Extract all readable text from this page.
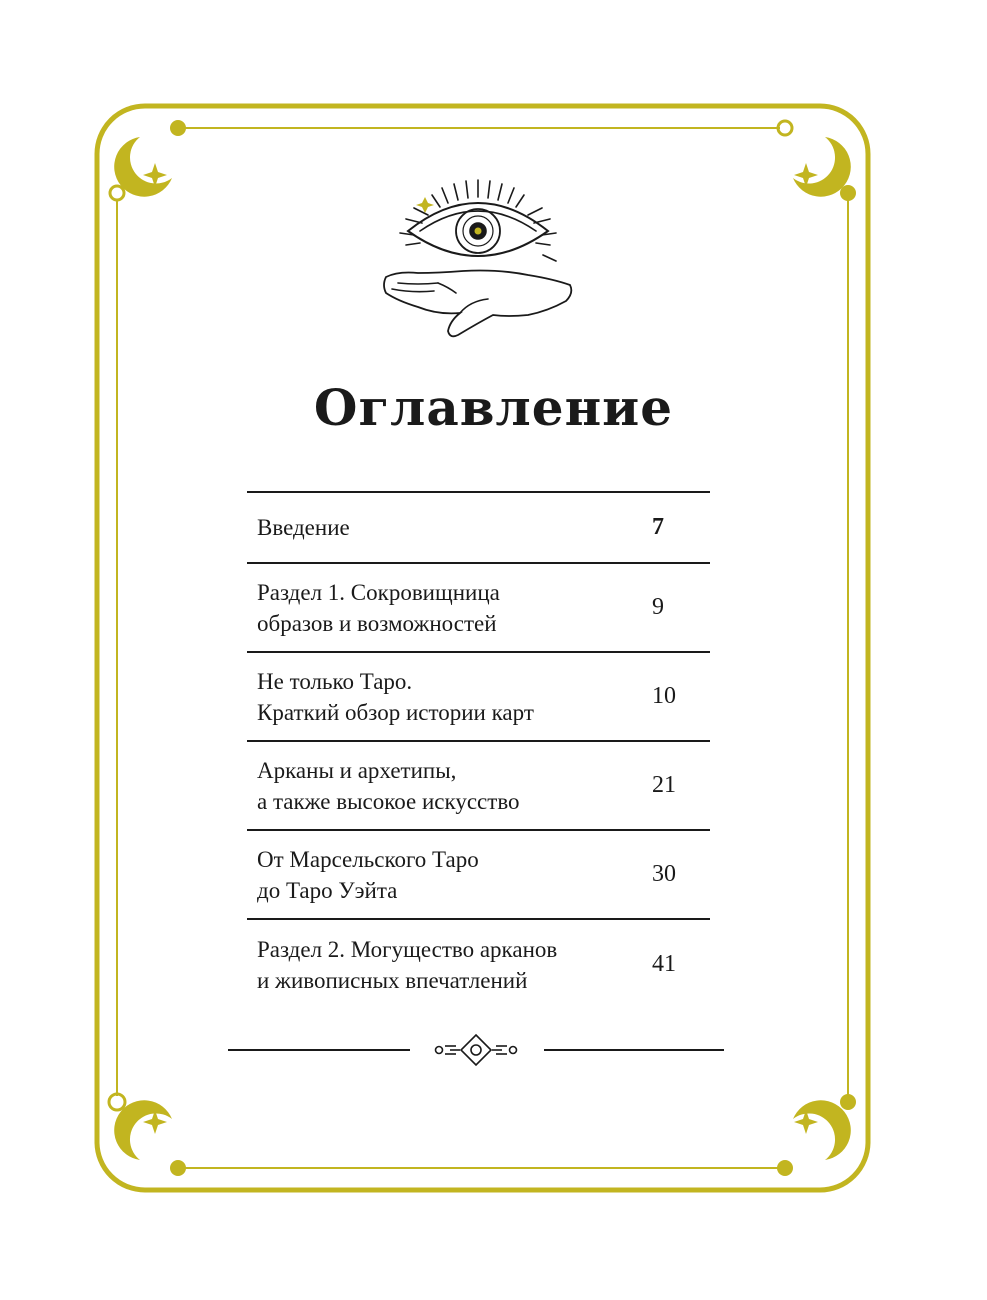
Оглавление
Введение	7
Раздел 1. Сокровищница
образов и возможностей
9
Не только Таро.
Краткий обзор истории карт
10
Арканы и архетипы,
а также высокое искусство
21
От Марсельского Таро
до Таро Уэйта
30
Раздел 2. Могущество арканов
и живописных впечатлений
41
